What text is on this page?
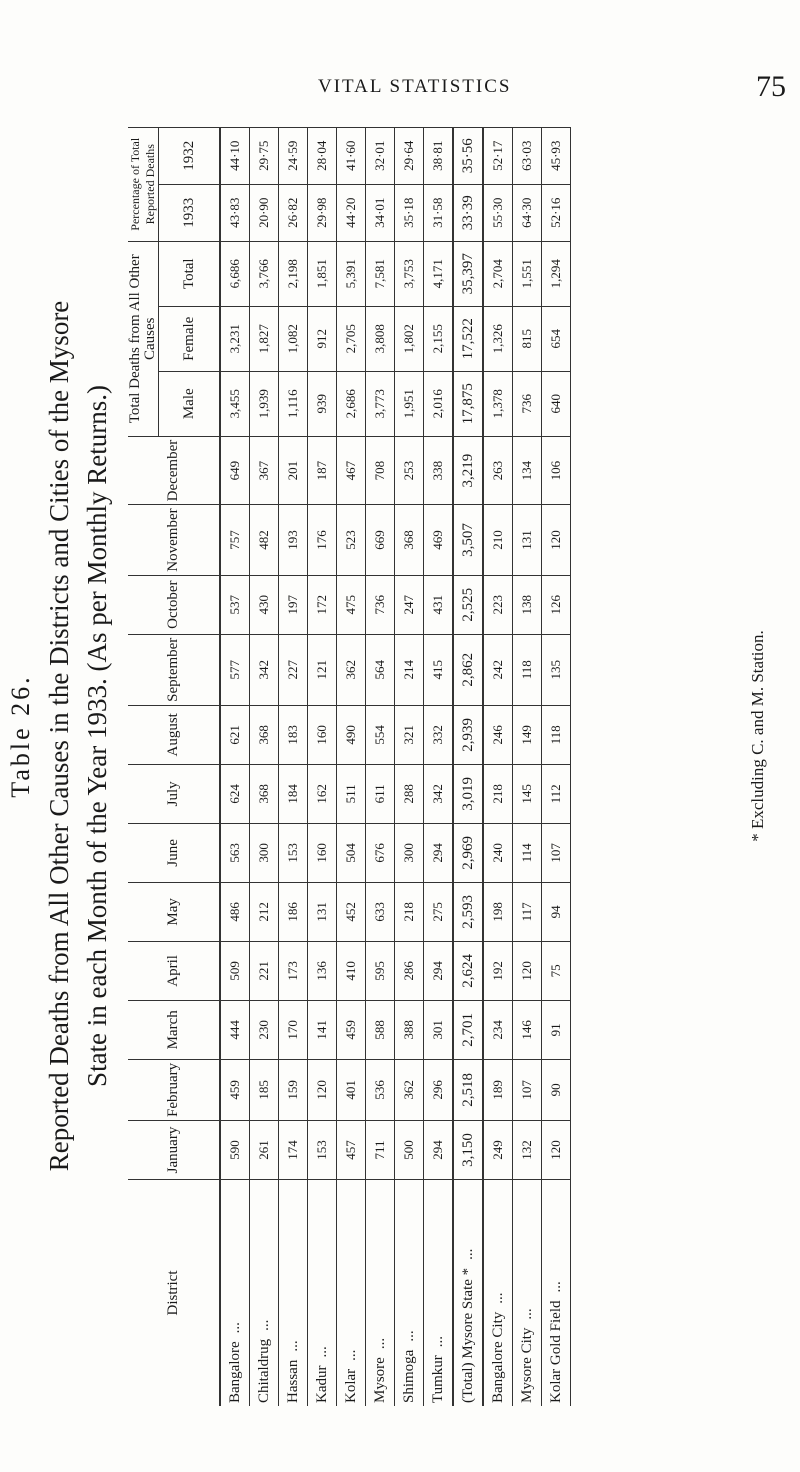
VITAL STATISTICS	75
Table 26. Reported Deaths from All Other Causes in the Districts and Cities of the Mysore State in each Month of the Year 1933. (As per Monthly Returns.)
District	January	February	March	April	May	June	July	August	September	October	November	December	Total Deaths from All Other Causes			Percentage of Total Reported Deaths	
													Male	Female	Total	1933	1932
Bangalore...	590	459	444	509	486	563	624	621	577	537	757	649	3,455	3,231	6,686	43·83	44·10
Chitaldrug...	261	185	230	221	212	300	368	368	342	430	482	367	1,939	1,827	3,766	20·90	29·75
Hassan...	174	159	170	173	186	153	184	183	227	197	193	201	1,116	1,082	2,198	26·82	24·59
Kadur...	153	120	141	136	131	160	162	160	121	172	176	187	939	912	1,851	29·98	28·04
Kolar...	457	401	459	410	452	504	511	490	362	475	523	467	2,686	2,705	5,391	44·20	41·60
Mysore...	711	536	588	595	633	676	611	554	564	736	669	708	3,773	3,808	7,581	34·01	32·01
Shimoga...	500	362	388	286	218	300	288	321	214	247	368	253	1,951	1,802	3,753	35·18	29·64
Tumkur...	294	296	301	294	275	294	342	332	415	431	469	338	2,016	2,155	4,171	31·58	38·81
(Total) Mysore State *...	3,150	2,518	2,701	2,624	2,593	2,969	3,019	2,939	2,862	2,525	3,507	3,219	17,875	17,522	35,397	33·39	35·56
Bangalore City...	249	189	234	192	198	240	218	246	242	223	210	263	1,378	1,326	2,704	55·30	52·17
Mysore City...	132	107	146	120	117	114	145	149	118	138	131	134	736	815	1,551	64·30	63·03
Kolar Gold Field...	120	90	91	75	94	107	112	118	135	126	120	106	640	654	1,294	52·16	45·93
* Excluding C. and M. Station.
